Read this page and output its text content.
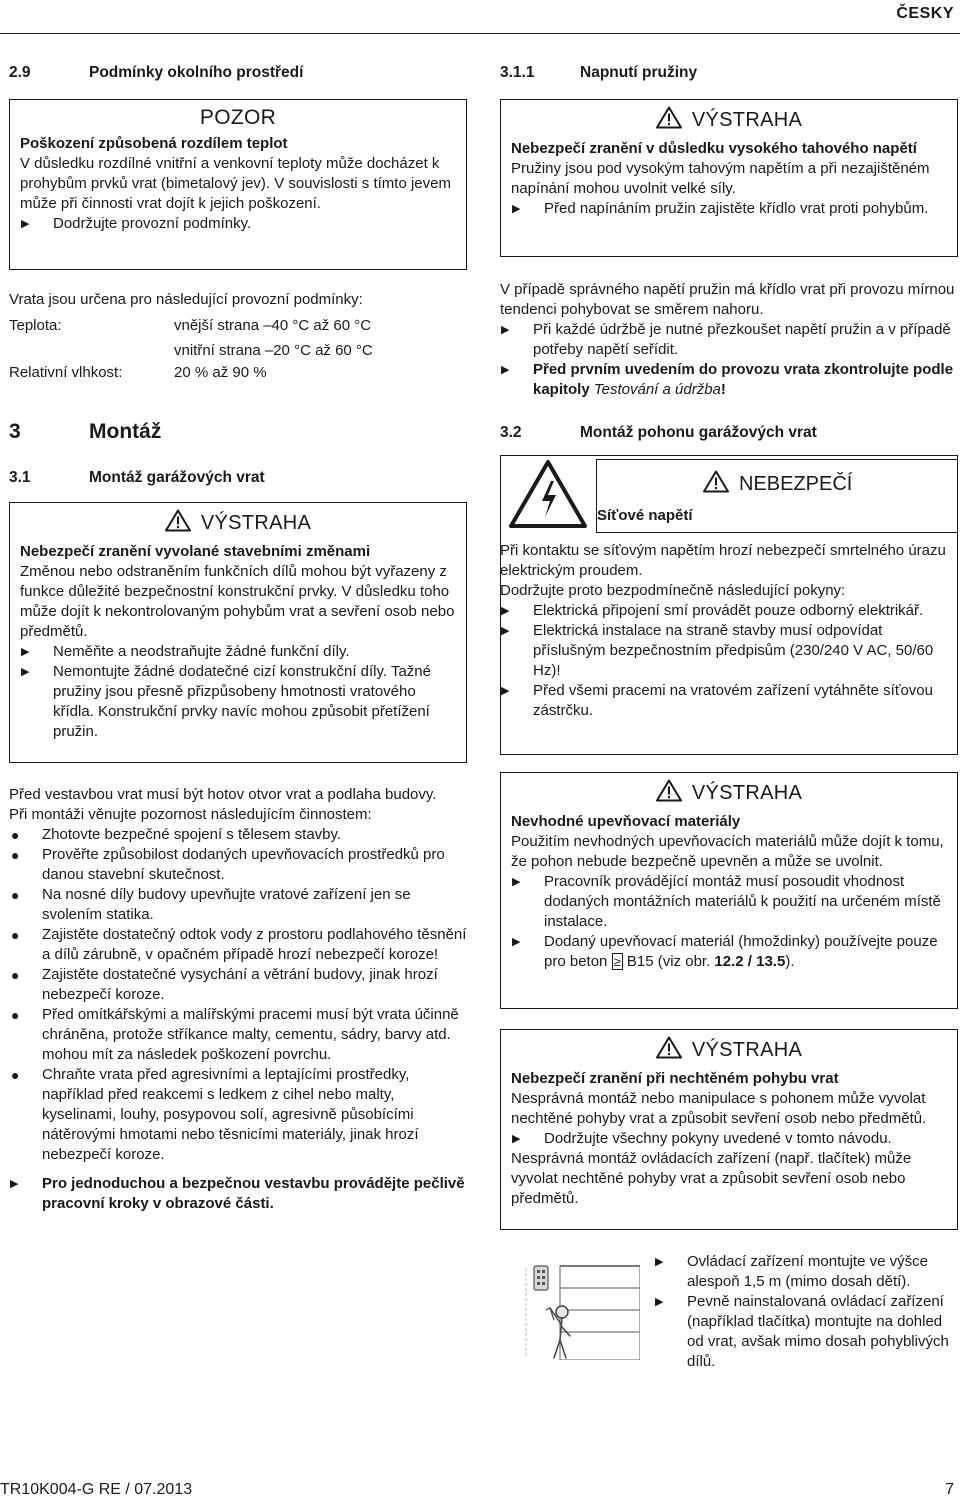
ČESKY
2.9	Podmínky okolního prostředí
POZOR

Poškození způsobená rozdílem teplot

V důsledku rozdílné vnitřní a venkovní teploty může docházet k prohybům prvků vrat (bimetalový jev). V souvislosti s tímto jevem může při činnosti vrat dojít k jejich poškození.

▶ Dodržujte provozní podmínky.

Vrata jsou určena pro následující provozní podmínky:

Teplota:	vnější strana –40 °C až 60 °C
vnitřní strana –20 °C až 60 °C
Relativní vlhkost:	20 % až 90 %
3	Montáž
3.1	Montáž garážových vrat
VÝSTRAHA

Nebezpečí zranění vyvolané stavebními změnami

Změnou nebo odstraněním funkčních dílů mohou být vyřazeny z funkce důležité bezpečnostní konstrukční prvky. V důsledku toho může dojít k nekontrolovaným pohybům vrat a sevření osob nebo předmětů.

▶ Neměňte a neodstraňujte žádné funkční díly.
▶ Nemontujte žádné dodatečné cizí konstrukční díly. Tažné pružiny jsou přesně přizpůsobeny hmotnosti vratového křídla. Konstrukční prvky navíc mohou způsobit přetížení pružin.

Před vestavbou vrat musí být hotov otvor vrat a podlaha budovy.

Při montáži věnujte pozornost následujícím činnostem:

● Zhotovte bezpečné spojení s tělesem stavby.
● Prověřte způsobilost dodaných upevňovacích prostředků pro danou stavební skutečnost.
● Na nosné díly budovy upevňujte vratové zařízení jen se svolením statika.
● Zajistěte dostatečný odtok vody z prostoru podlahového těsnění a dílů zárubně, v opačném případě hrozí nebezpečí koroze!
● Zajistěte dostatečné vysychání a větrání budovy, jinak hrozí nebezpečí koroze.
● Před omítkářskými a malířskými pracemi musí být vrata účinně chráněna, protože stříkance malty, cementu, sádry, barvy atd. mohou mít za následek poškození povrchu.
● Chraňte vrata před agresivními a leptajícími prostředky, například před reakcemi s ledkem z cihel nebo malty, kyselinami, louhy, posypovou solí, agresivně působícími nátěrovými hmotami nebo těsnicími materiály, jinak hrozí nebezpečí koroze.
▶ Pro jednoduchou a bezpečnou vestavbu provádějte pečlivě pracovní kroky v obrazové části.
3.1.1	Napnutí pružiny
VÝSTRAHA

Nebezpečí zranění v důsledku vysokého tahového napětí

Pružiny jsou pod vysokým tahovým napětím a při nezajištěném napínání mohou uvolnit velké síly.

▶ Před napínáním pružin zajistěte křídlo vrat proti pohybům.

V případě správného napětí pružin má křídlo vrat při provozu mírnou tendenci pohybovat se směrem nahoru.

▶ Při každé údržbě je nutné přezkoušet napětí pružin a v případě potřeby napětí seřídit.
▶ Před prvním uvedením do provozu vrata zkontrolujte podle kapitoly Testování a údržba!
3.2	Montáž pohonu garážových vrat
NEBEZPEČÍ
Síťové napětí

Při kontaktu se síťovým napětím hrozí nebezpečí smrtelného úrazu elektrickým proudem.

Dodržujte proto bezpodmínečně následující pokyny:

▶ Elektrická připojení smí provádět pouze odborný elektrikář.
▶ Elektrická instalace na straně stavby musí odpovídat příslušným bezpečnostním předpisům (230/240 V AC, 50/60 Hz)!
▶ Před všemi pracemi na vratovém zařízení vytáhněte síťovou zástrčku.
VÝSTRAHA

Nevhodné upevňovací materiály

Použitím nevhodných upevňovacích materiálů může dojít k tomu, že pohon nebude bezpečně upevněn a může se uvolnit.

▶ Pracovník provádějící montáž musí posoudit vhodnost dodaných montážních materiálů k použití na určeném místě instalace.
▶ Dodaný upevňovací materiál (hmoždinky) používejte pouze pro beton ≥ B15 (viz obr. 12.2 / 13.5).
VÝSTRAHA

Nebezpečí zranění při nechtěném pohybu vrat

Nesprávná montáž nebo manipulace s pohonem může vyvolat nechtěné pohyby vrat a způsobit sevření osob nebo předmětů.

▶ Dodržujte všechny pokyny uvedené v tomto návodu.

Nesprávná montáž ovládacích zařízení (např. tlačítek) může vyvolat nechtěné pohyby vrat a způsobit sevření osob nebo předmětů.

▶ Ovládací zařízení montujte ve výšce alespoň 1,5 m (mimo dosah dětí).
▶ Pevně nainstalovaná ovládací zařízení (například tlačítka) montujte na dohled od vrat, avšak mimo dosah pohyblivých dílů.
TR10K004-G RE / 07.2013	7
